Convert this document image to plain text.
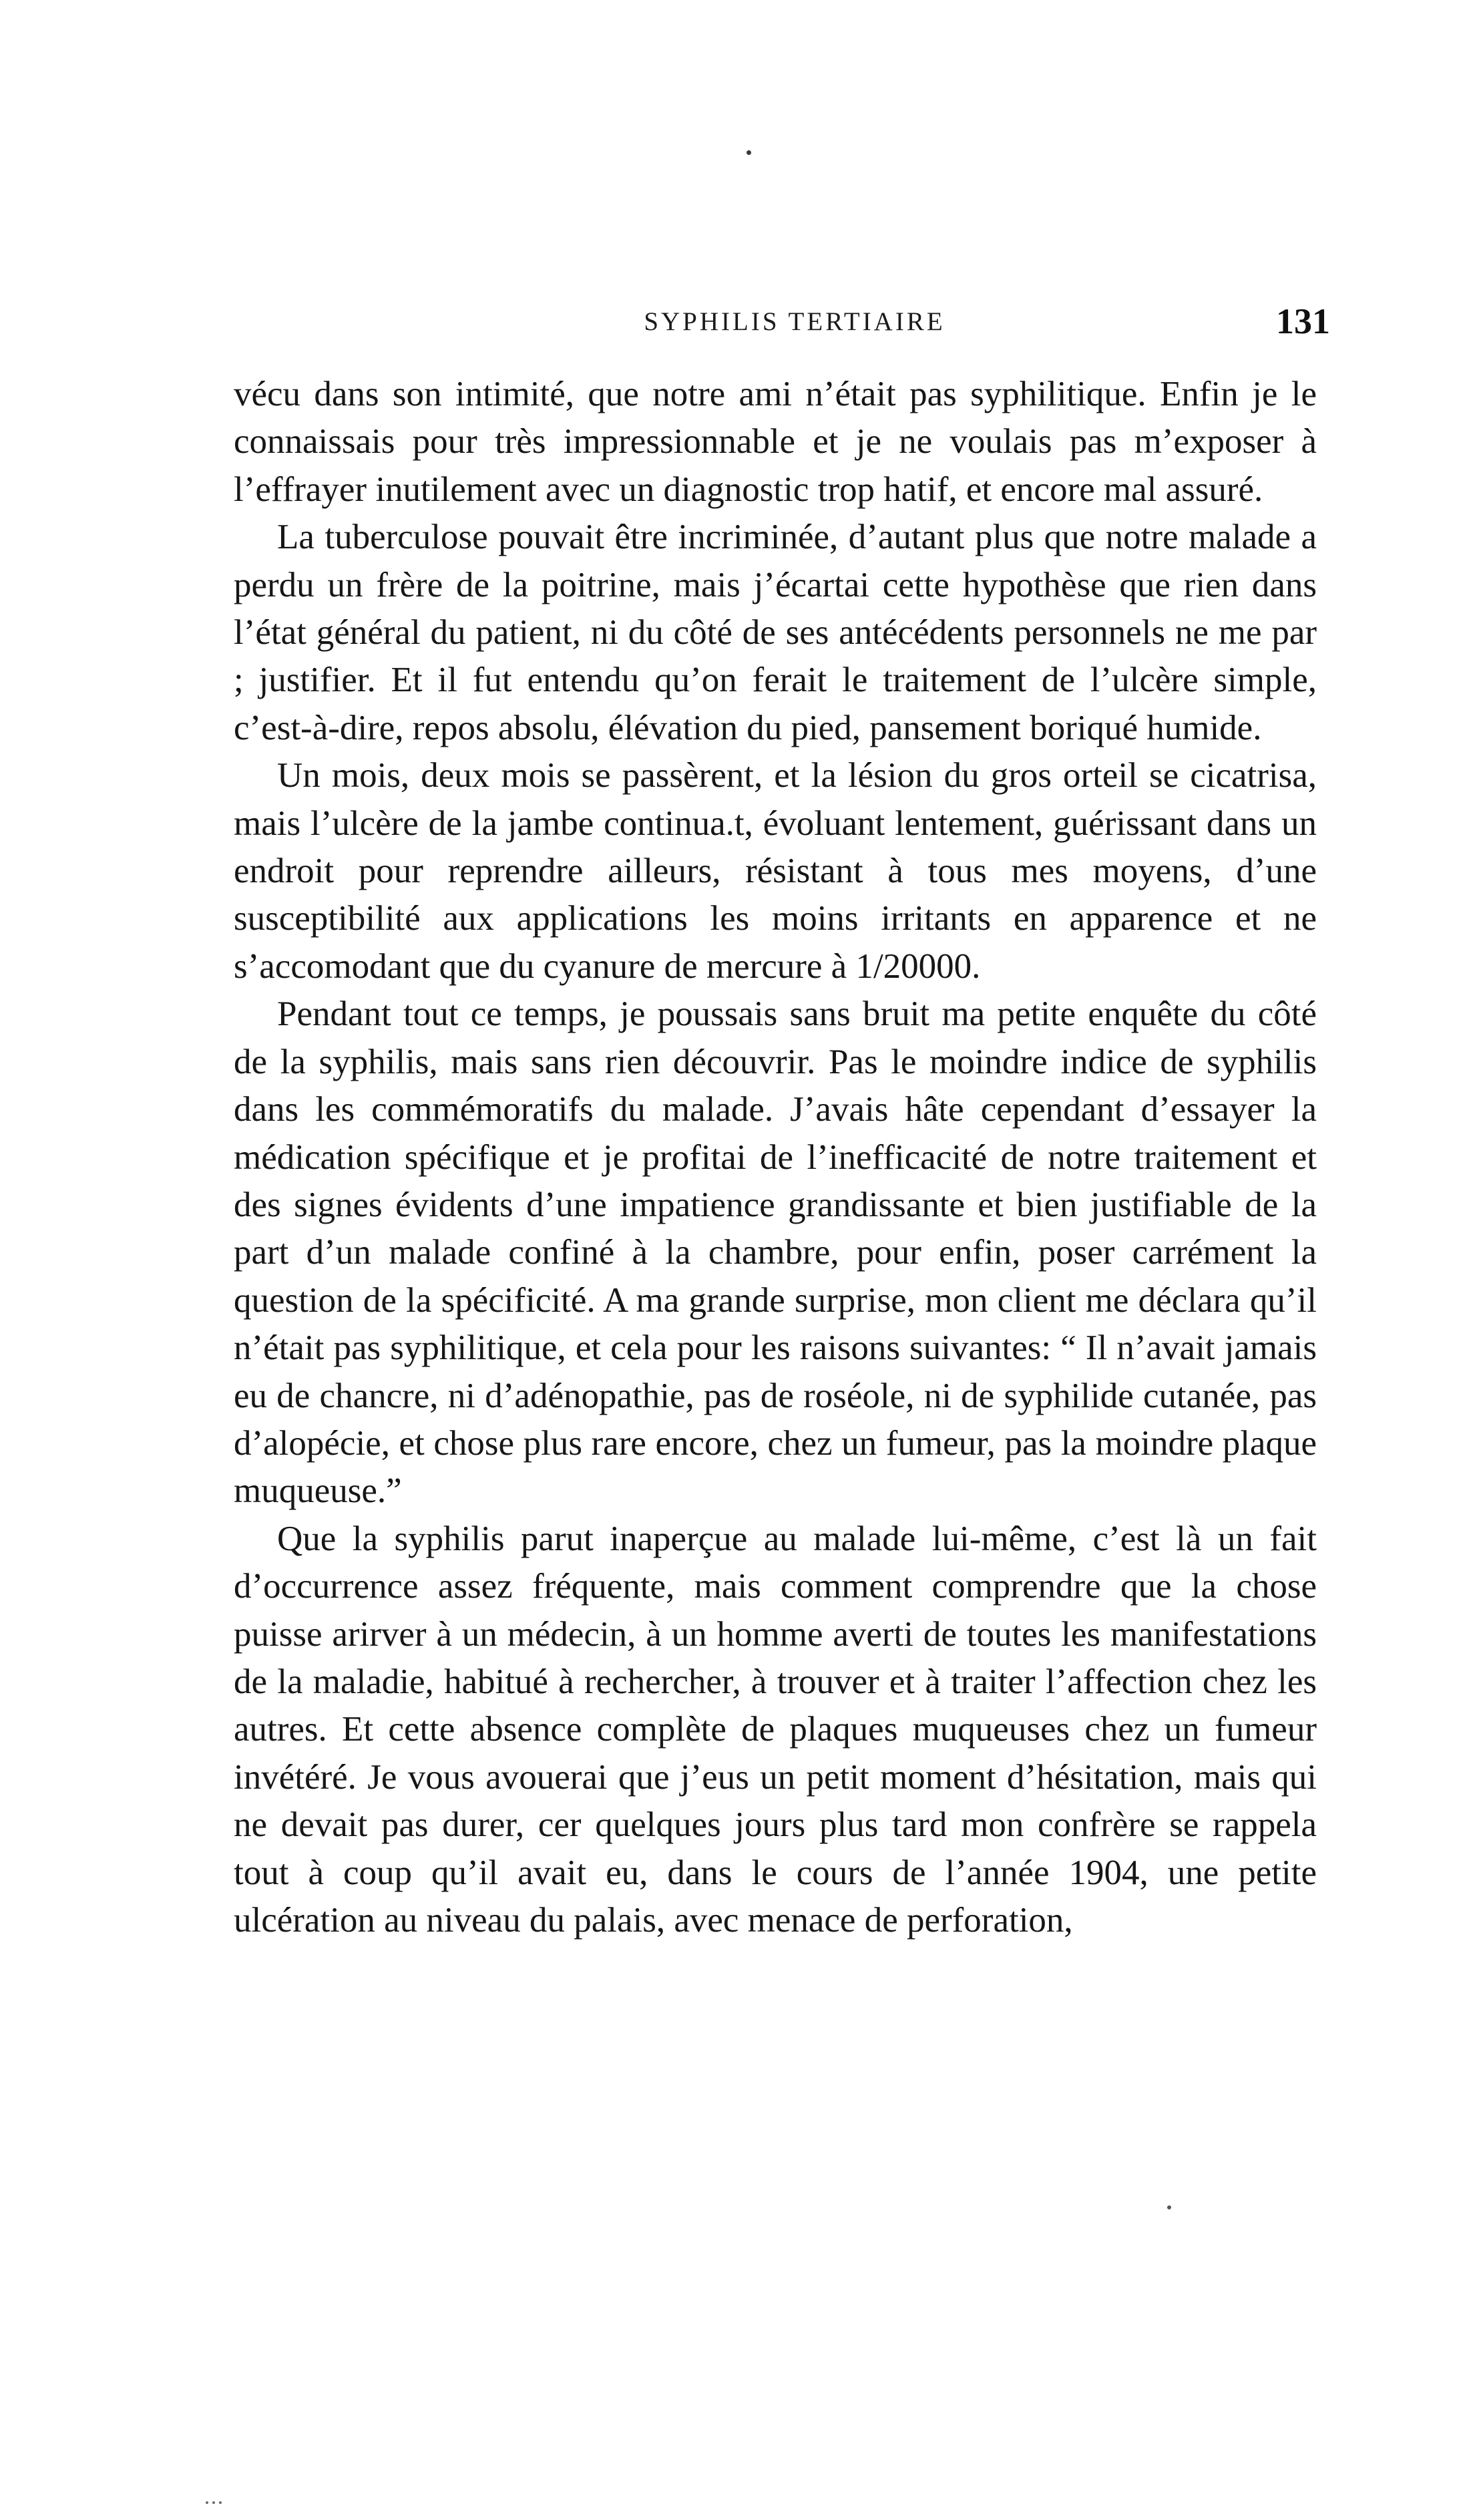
SYPHILIS TERTIAIRE	131

vécu dans son intimité, que notre ami n’était pas syphilitique. Enfin je le connaissais pour très impressionnable et je ne voulais pas m’exposer à l’effrayer inutilement avec un diagnostic trop hatif, et encore mal assuré.

La tuberculose pouvait être incriminée, d’autant plus que notre malade a perdu un frère de la poitrine, mais j’écartai cette hypothèse que rien dans l’état général du patient, ni du côté de ses antécédents personnels ne me par ; justifier. Et il fut entendu qu’on ferait le traitement de l’ulcère simple, c’est-à-dire, repos absolu, élévation du pied, pansement boriqué humide.

Un mois, deux mois se passèrent, et la lésion du gros orteil se cicatrisa, mais l’ulcère de la jambe continua.t, évoluant lentement, guérissant dans un endroit pour reprendre ailleurs, résistant à tous mes moyens, d’une susceptibilité aux applications les moins irritants en apparence et ne s’accomodant que du cyanure de mercure à 1/20000.

Pendant tout ce temps, je poussais sans bruit ma petite enquête du côté de la syphilis, mais sans rien découvrir. Pas le moindre indice de syphilis dans les commémoratifs du malade. J’avais hâte cependant d’essayer la médication spécifique et je profitai de l’inefficacité de notre traitement et des signes évidents d’une impatience grandissante et bien justifiable de la part d’un malade confiné à la chambre, pour enfin, poser carrément la question de la spécificité. A ma grande surprise, mon client me déclara qu’il n’était pas syphilitique, et cela pour les raisons suivantes: “ Il n’avait jamais eu de chancre, ni d’adénopathie, pas de roséole, ni de syphilide cutanée, pas d’alopécie, et chose plus rare encore, chez un fumeur, pas la moindre plaque muqueuse.”

Que la syphilis parut inaperçue au malade lui-même, c’est là un fait d’occurrence assez fréquente, mais comment comprendre que la chose puisse arirver à un médecin, à un homme averti de toutes les manifestations de la maladie, habitué à rechercher, à trouver et à traiter l’affection chez les autres. Et cette absence complète de plaques muqueuses chez un fumeur invétéré. Je vous avouerai que j’eus un petit moment d’hésitation, mais qui ne devait pas durer, cer quelques jours plus tard mon confrère se rappela tout à coup qu’il avait eu, dans le cours de l’année 1904, une petite ulcération au niveau du palais, avec menace de perforation,
